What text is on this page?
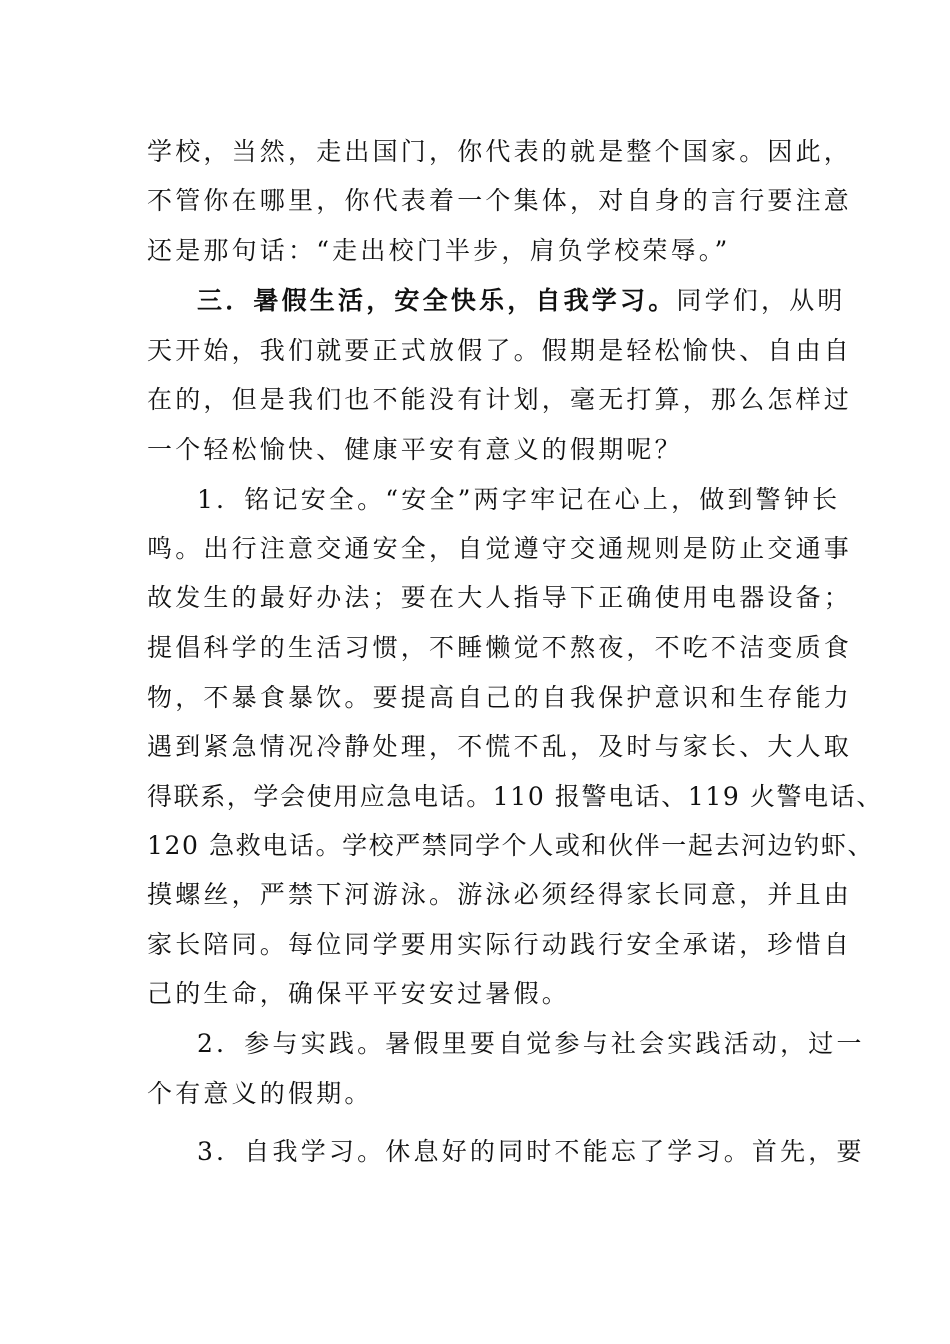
学校，当然，走出国门，你代表的就是整个国家。因此，
不管你在哪里，你代表着一个集体，对自身的言行要注意
还是那句话：“走出校门半步，肩负学校荣辱。”
三．暑假生活，安全快乐，自我学习。同学们，从明
天开始，我们就要正式放假了。假期是轻松愉快、自由自
在的，但是我们也不能没有计划，毫无打算，那么怎样过
一个轻松愉快、健康平安有意义的假期呢？
1．铭记安全。“安全”两字牢记在心上，做到警钟长
鸣。出行注意交通安全，自觉遵守交通规则是防止交通事
故发生的最好办法；要在大人指导下正确使用电器设备；
提倡科学的生活习惯，不睡懒觉不熬夜，不吃不洁变质食
物，不暴食暴饮。要提高自己的自我保护意识和生存能力
遇到紧急情况冷静处理，不慌不乱，及时与家长、大人取
得联系，学会使用应急电话。110 报警电话、119 火警电话、
120 急救电话。学校严禁同学个人或和伙伴一起去河边钓虾、
摸螺丝，严禁下河游泳。游泳必须经得家长同意，并且由
家长陪同。每位同学要用实际行动践行安全承诺，珍惜自
己的生命，确保平平安安过暑假。
2．参与实践。暑假里要自觉参与社会实践活动，过一
个有意义的假期。
3．自我学习。休息好的同时不能忘了学习。首先，要
